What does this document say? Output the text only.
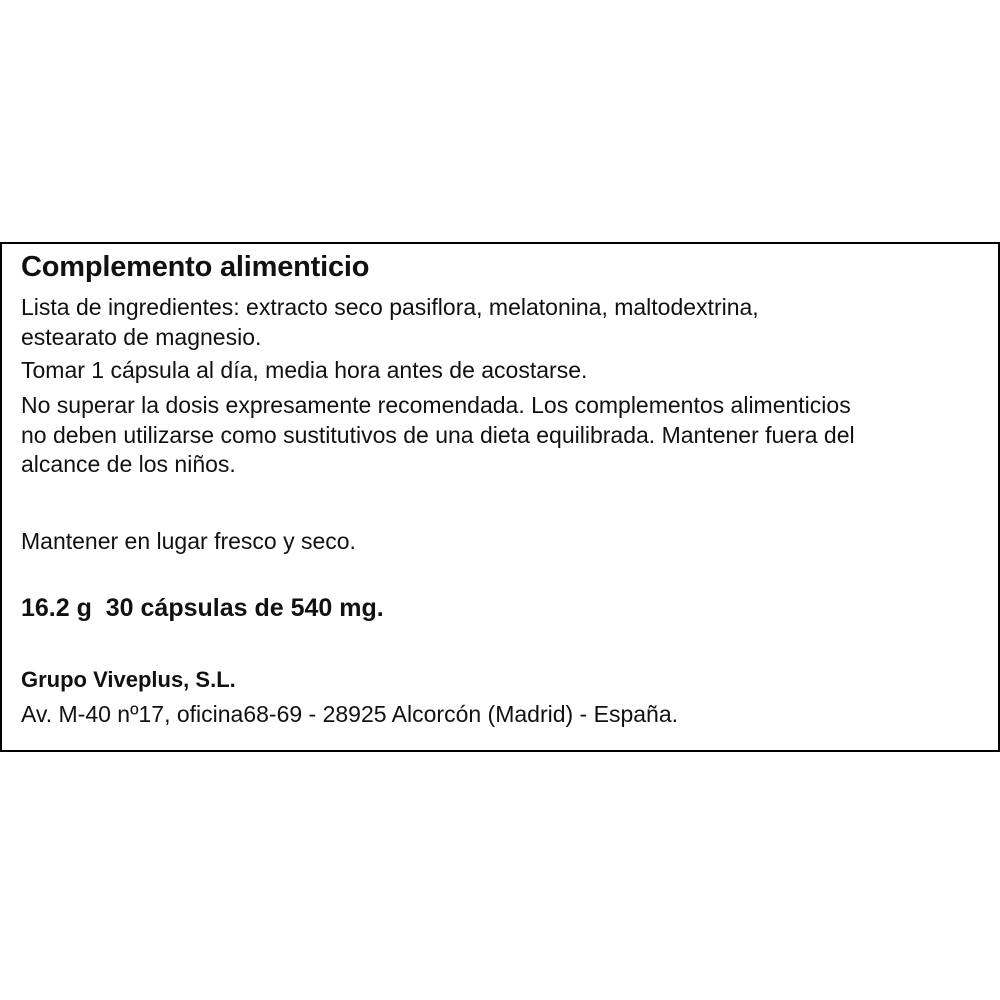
Complemento alimenticio
Lista de ingredientes: extracto seco pasiflora, melatonina, maltodextrina,
estearato de magnesio.
Tomar 1 cápsula al día, media hora antes de acostarse.
No superar la dosis expresamente recomendada. Los complementos alimenticios
no deben utilizarse como sustitutivos de una dieta equilibrada. Mantener fuera del
alcance de los niños.
Mantener en lugar fresco y seco.
16.2 g  30 cápsulas de 540 mg.
Grupo Viveplus, S.L.
Av. M-40 nº17, oficina68-69 - 28925 Alcorcón (Madrid) - España.
